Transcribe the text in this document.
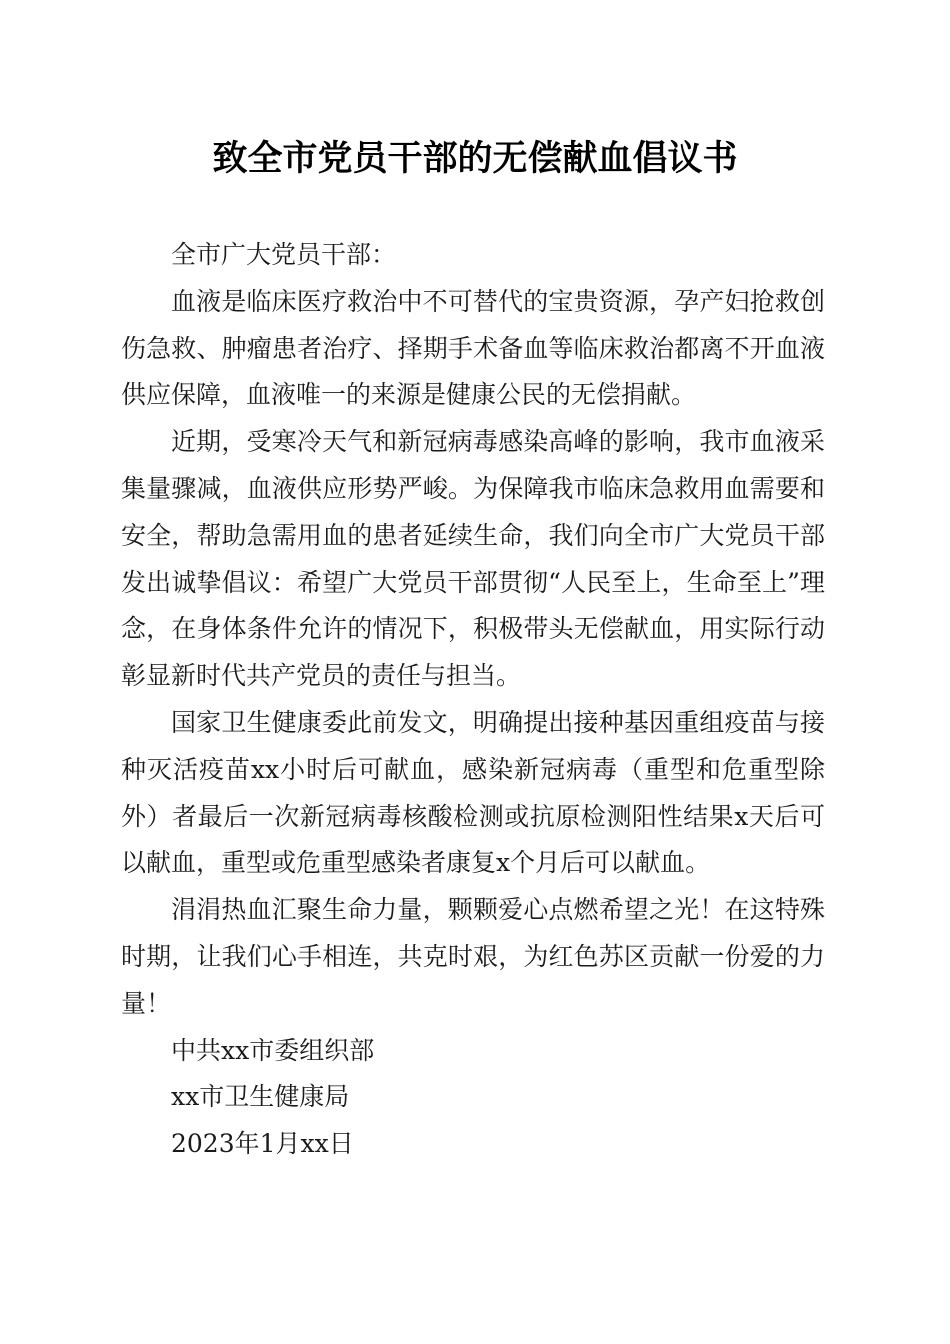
致全市党员干部的无偿献血倡议书

全市广大党员干部：

血液是临床医疗救治中不可替代的宝贵资源，孕产妇抢救创伤急救、肿瘤患者治疗、择期手术备血等临床救治都离不开血液供应保障，血液唯一的来源是健康公民的无偿捐献。

近期，受寒冷天气和新冠病毒感染高峰的影响，我市血液采集量骤减，血液供应形势严峻。为保障我市临床急救用血需要和安全，帮助急需用血的患者延续生命，我们向全市广大党员干部发出诚挚倡议：希望广大党员干部贯彻“人民至上，生命至上”理念，在身体条件允许的情况下，积极带头无偿献血，用实际行动彰显新时代共产党员的责任与担当。

国家卫生健康委此前发文，明确提出接种基因重组疫苗与接种灭活疫苗xx小时后可献血，感染新冠病毒（重型和危重型除外）者最后一次新冠病毒核酸检测或抗原检测阳性结果x天后可以献血，重型或危重型感染者康复x个月后可以献血。

涓涓热血汇聚生命力量，颗颗爱心点燃希望之光！在这特殊时期，让我们心手相连，共克时艰，为红色苏区贡献一份爱的力量！

中共xx市委组织部

xx市卫生健康局

2023年1月xx日
